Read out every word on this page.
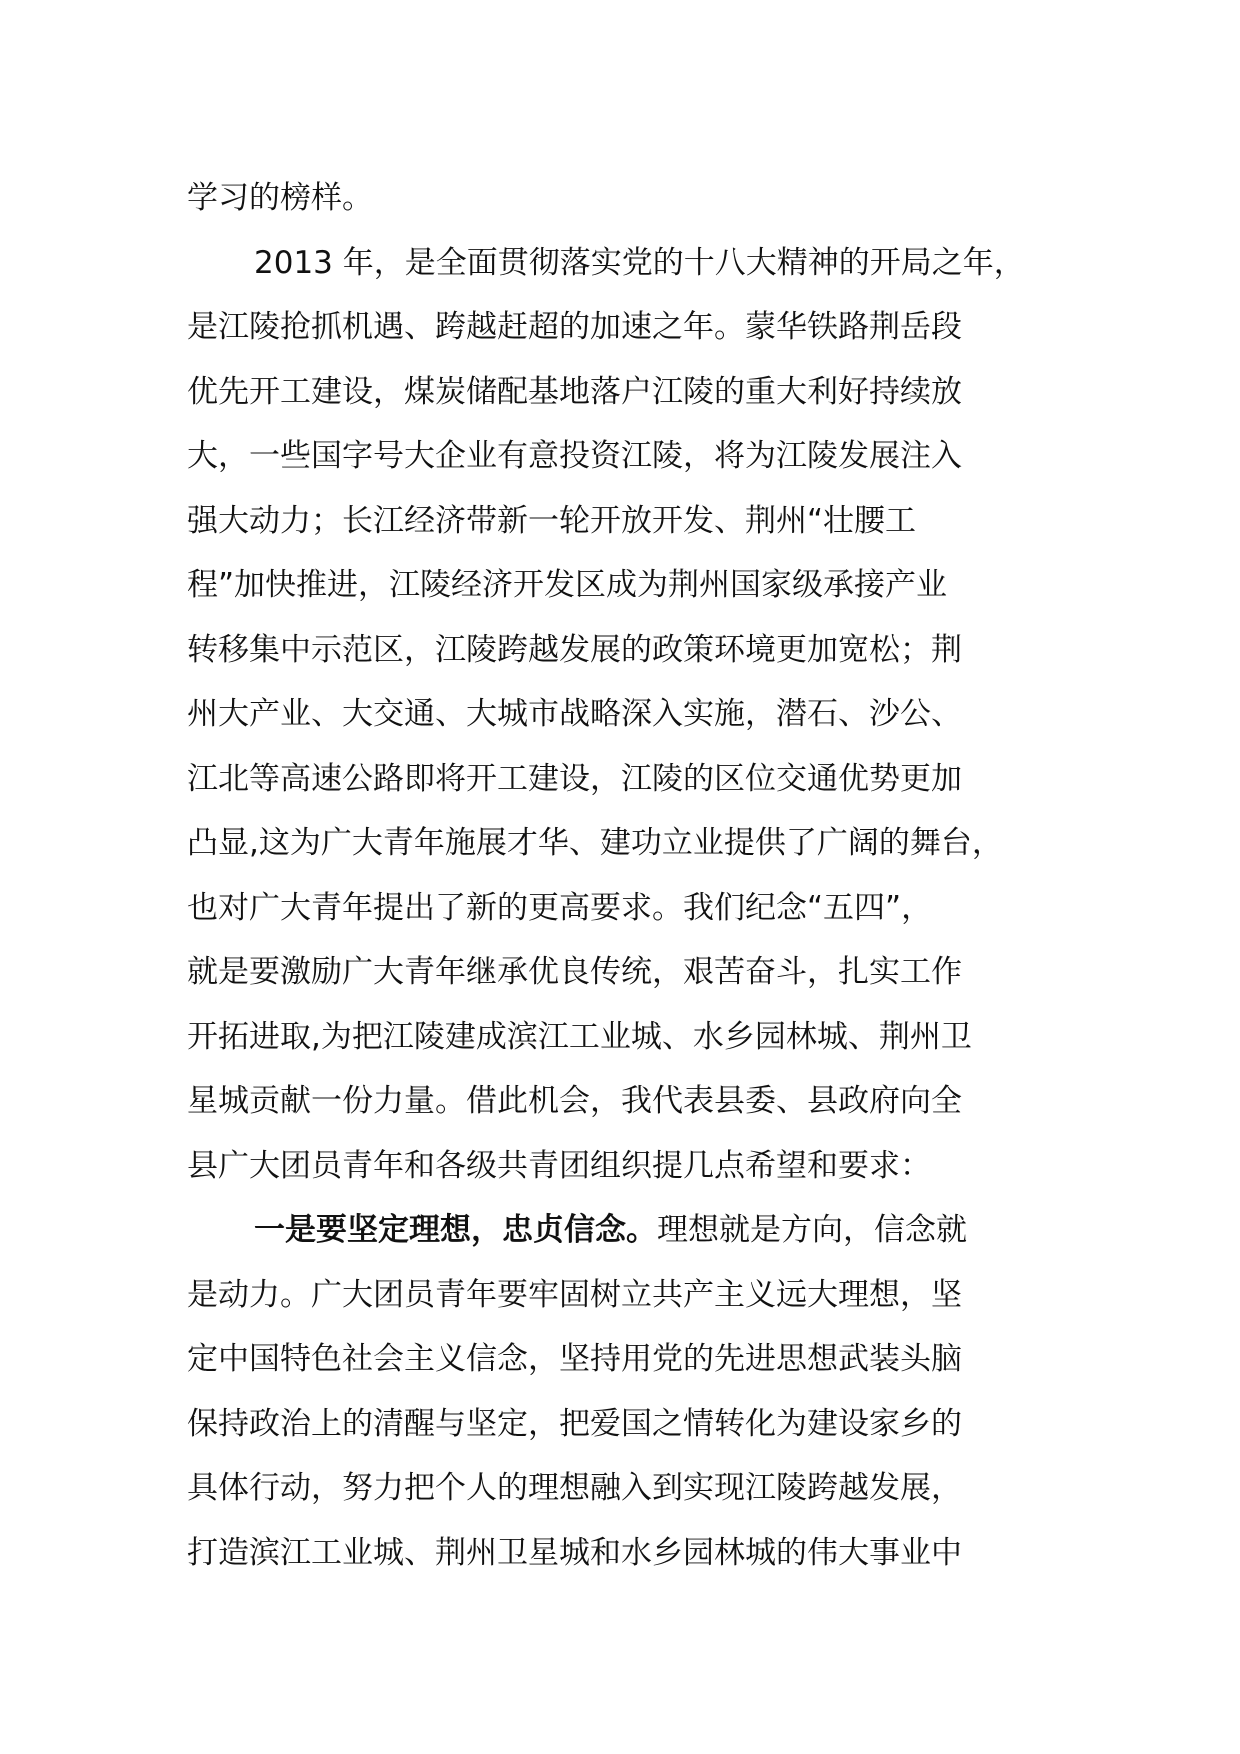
学习的榜样。
2013 年，是全面贯彻落实党的十八大精神的开局之年，
是江陵抢抓机遇、跨越赶超的加速之年。蒙华铁路荆岳段
优先开工建设，煤炭储配基地落户江陵的重大利好持续放
大，一些国字号大企业有意投资江陵，将为江陵发展注入
强大动力；长江经济带新一轮开放开发、荆州“壮腰工
程”加快推进，江陵经济开发区成为荆州国家级承接产业
转移集中示范区，江陵跨越发展的政策环境更加宽松；荆
州大产业、大交通、大城市战略深入实施，潜石、沙公、
江北等高速公路即将开工建设，江陵的区位交通优势更加
凸显,这为广大青年施展才华、建功立业提供了广阔的舞台，
也对广大青年提出了新的更高要求。我们纪念“五四”，
就是要激励广大青年继承优良传统，艰苦奋斗，扎实工作
开拓进取,为把江陵建成滨江工业城、水乡园林城、荆州卫
星城贡献一份力量。借此机会，我代表县委、县政府向全
县广大团员青年和各级共青团组织提几点希望和要求：
一是要坚定理想，忠贞信念。理想就是方向，信念就
是动力。广大团员青年要牢固树立共产主义远大理想，坚
定中国特色社会主义信念，坚持用党的先进思想武装头脑
保持政治上的清醒与坚定，把爱国之情转化为建设家乡的
具体行动，努力把个人的理想融入到实现江陵跨越发展，
打造滨江工业城、荆州卫星城和水乡园林城的伟大事业中
